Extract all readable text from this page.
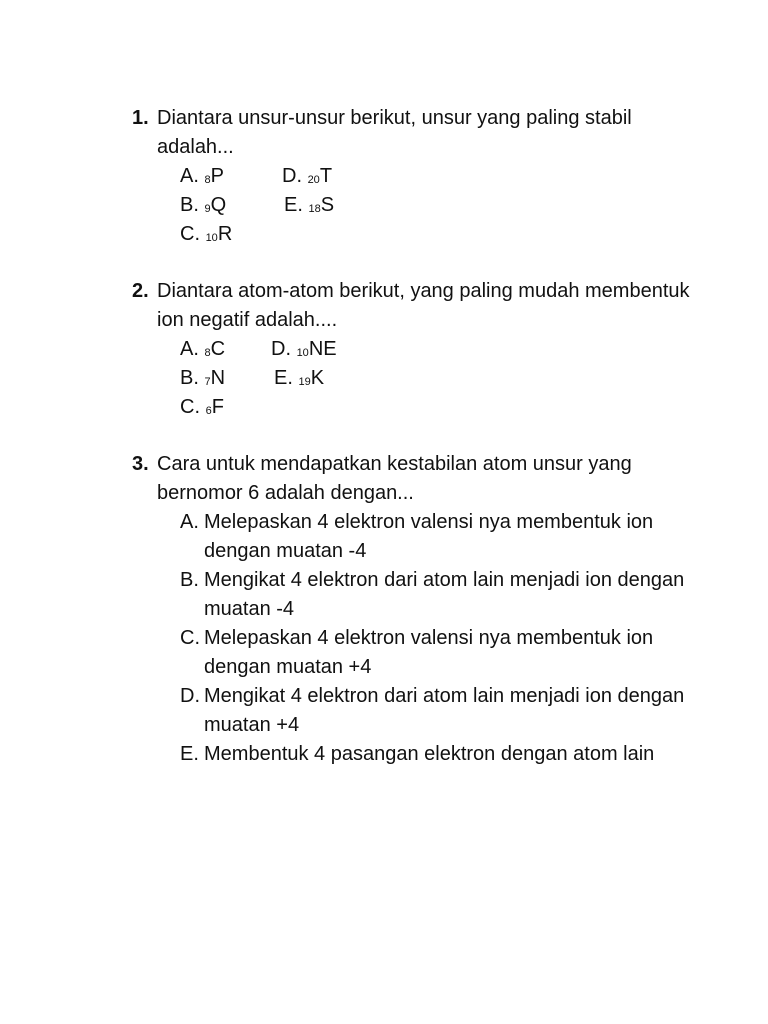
1. Diantara unsur-unsur berikut, unsur yang paling stabil adalah...
A. 8P
B. 9Q
C. 10R
D. 20T
E. 18S
2. Diantara atom-atom berikut, yang paling mudah membentuk ion negatif adalah....
A. 8C
B. 7N
C. 6F
D. 10NE
E. 19K
3. Cara untuk mendapatkan kestabilan atom unsur yang bernomor 6 adalah dengan...
A. Melepaskan 4 elektron valensi nya membentuk ion dengan muatan -4
B. Mengikat 4 elektron dari atom lain menjadi ion dengan muatan -4
C. Melepaskan 4 elektron valensi nya membentuk ion dengan muatan +4
D. Mengikat 4 elektron dari atom lain menjadi ion dengan muatan +4
E. Membentuk 4 pasangan elektron dengan atom lain
